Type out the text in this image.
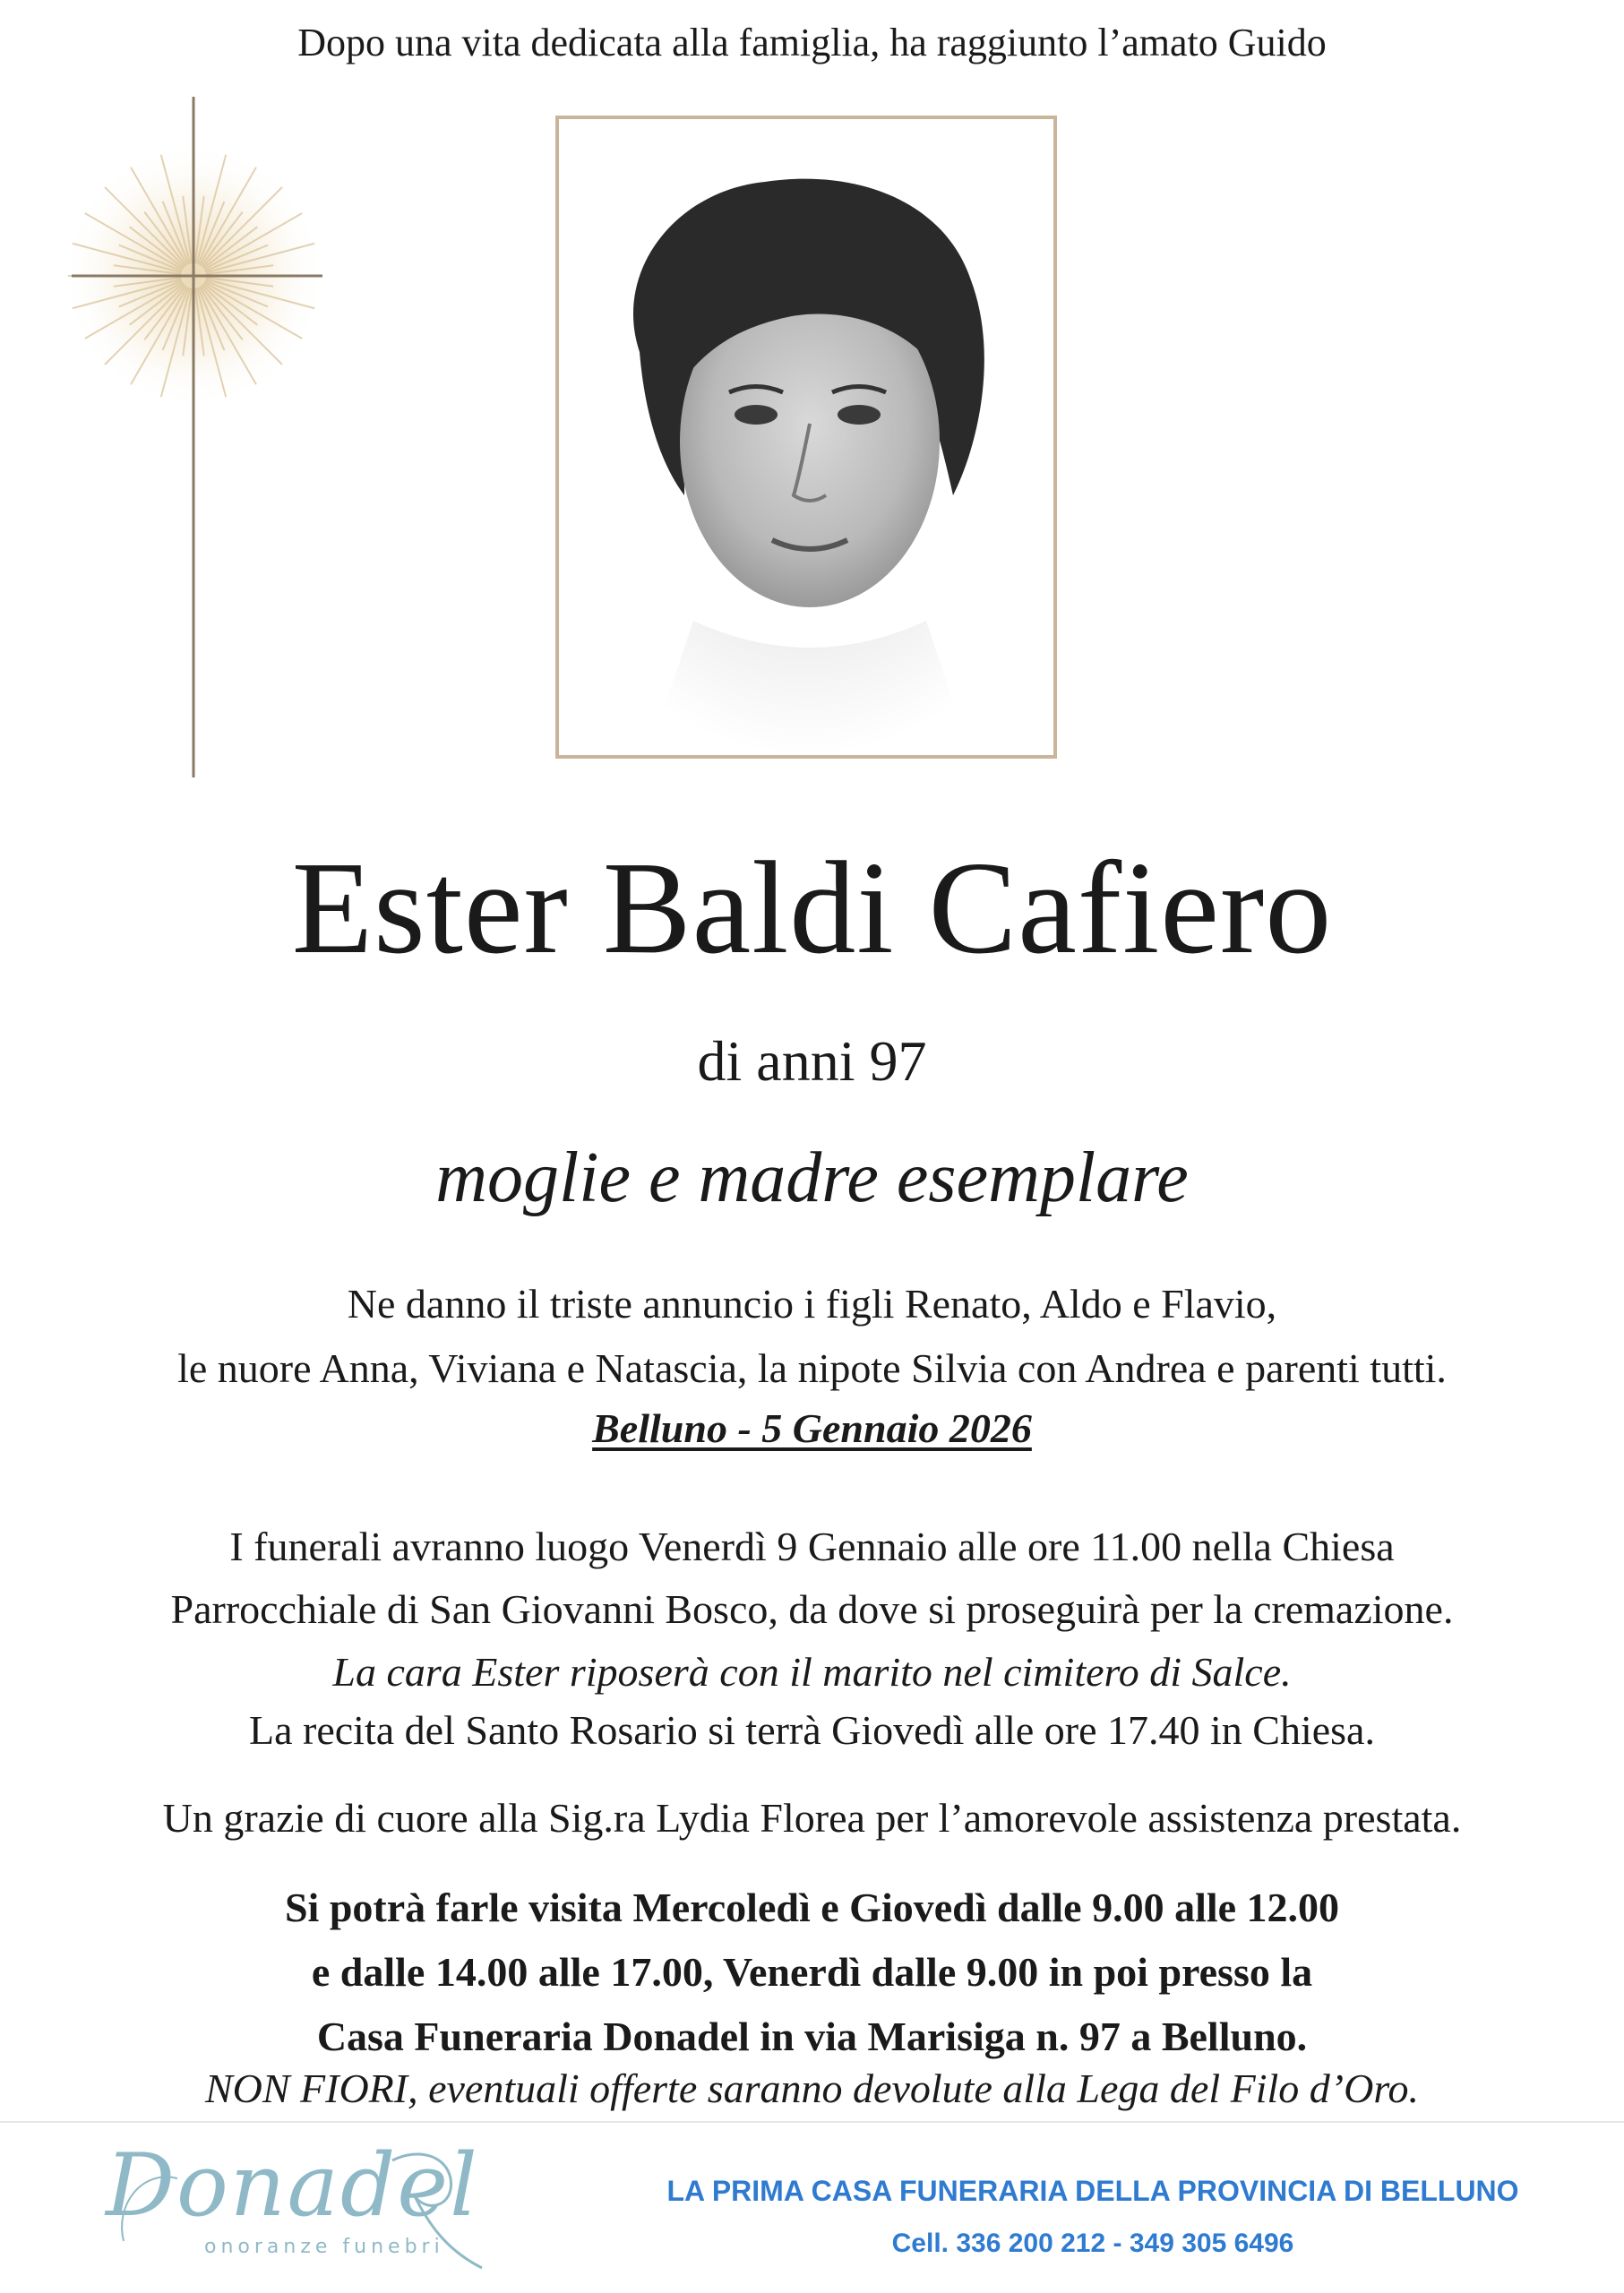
Dopo una vita dedicata alla famiglia, ha raggiunto l’amato Guido
Ester Baldi Cafiero
di anni 97
moglie e madre esemplare
Ne danno il triste annuncio i figli Renato, Aldo e Flavio,
le nuore Anna, Viviana e Natascia, la nipote Silvia con Andrea e parenti tutti.
Belluno - 5 Gennaio 2026
I funerali avranno luogo Venerdì 9 Gennaio alle ore 11.00 nella Chiesa
Parrocchiale di San Giovanni Bosco, da dove si proseguirà per la cremazione.
La cara Ester riposerà con il marito nel cimitero di Salce.
La recita del Santo Rosario si terrà Giovedì alle ore 17.40 in Chiesa.
Un grazie di cuore alla Sig.ra Lydia Florea per l’amorevole assistenza prestata.
Si potrà farle visita Mercoledì e Giovedì dalle 9.00 alle 12.00
e dalle 14.00 alle 17.00, Venerdì dalle 9.00 in poi presso la
Casa Funeraria Donadel in via Marisiga n. 97 a Belluno.
NON FIORI, eventuali offerte saranno devolute alla Lega del Filo d’Oro.
Donadel
onoranze funebri
LA PRIMA CASA FUNERARIA DELLA PROVINCIA DI BELLUNO
Cell. 336 200 212 - 349 305 6496
